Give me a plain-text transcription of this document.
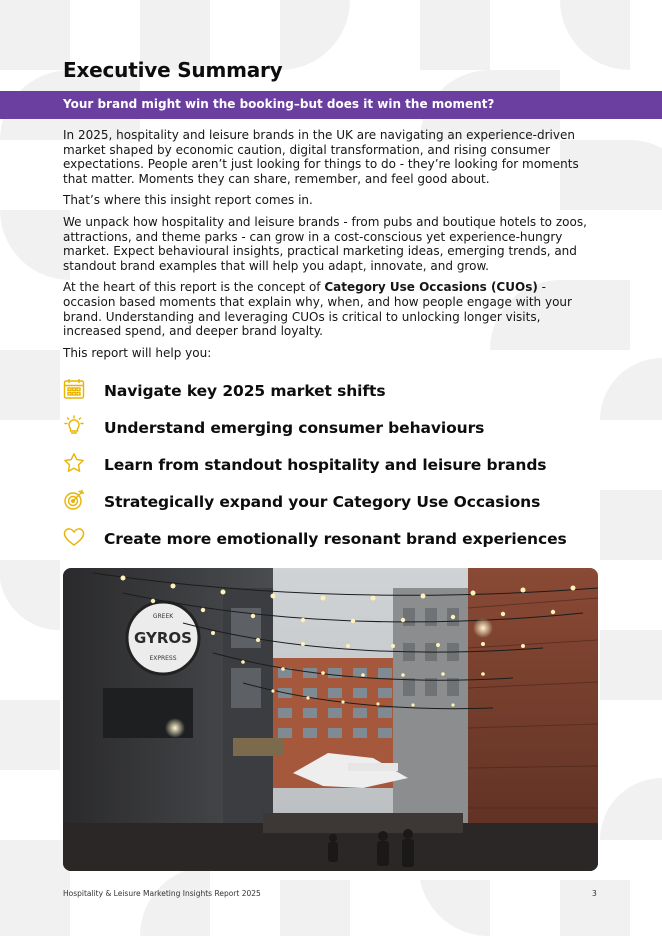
Executive Summary
Your brand might win the booking–but does it win the moment?

In 2025, hospitality and leisure brands in the UK are navigating an experience-driven market shaped by economic caution, digital transformation, and rising consumer expectations. People aren’t just looking for things to do - they’re looking for moments that matter. Moments they can share, remember, and feel good about.

That’s where this insight report comes in.

We unpack how hospitality and leisure brands - from pubs and boutique hotels to zoos, attractions, and theme parks - can grow in a cost-conscious yet experience-hungry market. Expect behavioural insights, practical marketing ideas, emerging trends, and standout brand examples that will help you adapt, innovate, and grow.

At the heart of this report is the concept of Category Use Occasions (CUOs) - occasion based moments that explain why, when, and how people engage with your brand. Understanding and leveraging CUOs is critical to unlocking longer visits, increased spend, and deeper brand loyalty.

This report will help you:

Navigate key 2025 market shifts
Understand emerging consumer behaviours
Learn from standout hospitality and leisure brands
Strategically expand your Category Use Occasions
Create more emotionally resonant brand experiences
GREEK
GYROS
EXPRESS
Hospitality & Leisure Marketing Insights Report 2025	3
